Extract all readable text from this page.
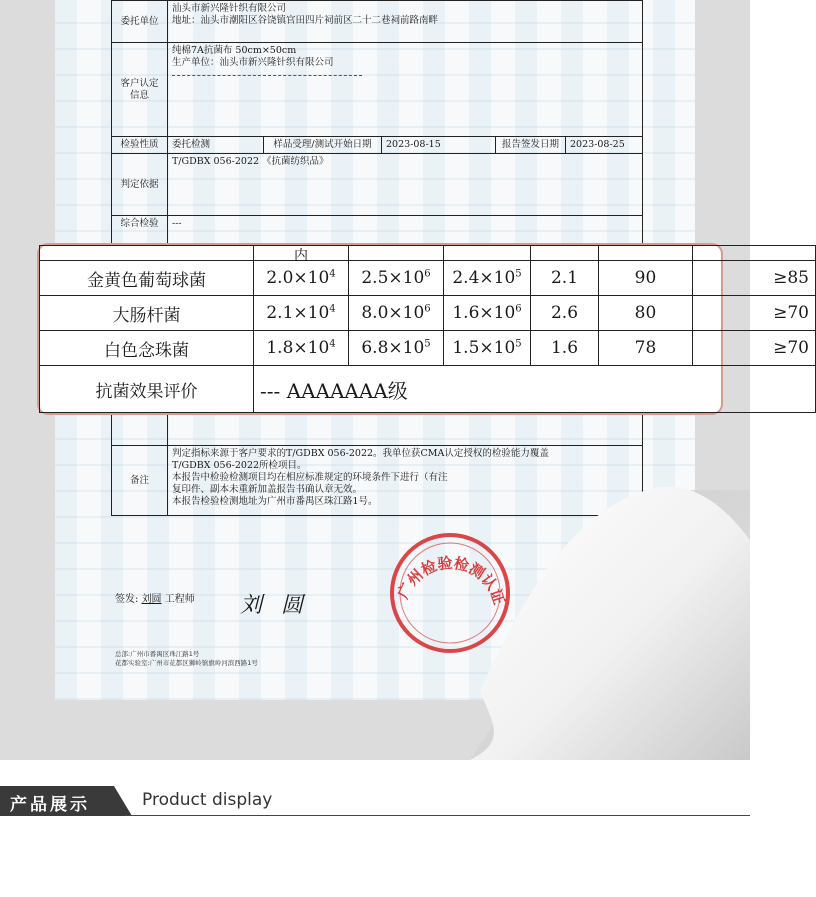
委托单位	汕头市新兴隆针织有限公司
地址：汕头市潮阳区谷饶镇官田四片祠前区二十二巷祠前路南畔				

客户认定信息	纯棉7A抗菌布 50cm×50cm
生产单位：汕头市新兴隆针织有限公司				

检验性质	委托检测	样品受理/测试开始日期	2023-08-15	报告签发日期	2023-08-25
判定依据	T/GDBX 056-2022 《抗菌纺织品》				
综合检验	---				
备注	判定指标来源于客户要求的T/GDBX 056-2022。我单位获CMA认定授权的检验能力覆盖
T/GDBX 056-2022所检项目。
本报告中检验检测项目均在相应标准规定的环境条件下进行（有注
复印件、副本未重新加盖报告书确认章无效。
本报告检验检测地址为广州市番禺区珠江路1号。				
签发: 刘圆 工程师 刘 圆
广州检验检测认证
总部:广州市番禺区珠江路1号
花都实验室:广州市花都区狮岭镇旗岭河滨西路1号
	内					
金黄色葡萄球菌	$2.0\times 10^4$	$2.5\times 10^6$	$2.4\times 10^5$	2.1	90	≥85
大肠杆菌	$2.1\times 10^4$	$8.0\times 10^6$	$1.6\times 10^6$	2.6	80	≥70
白色念珠菌	$1.8\times 10^4$	$6.8\times 10^5$	$1.5\times 10^5$	1.6	78	≥70
抗菌效果评价	--- AAAAAAA级					
产品展示	Product display
